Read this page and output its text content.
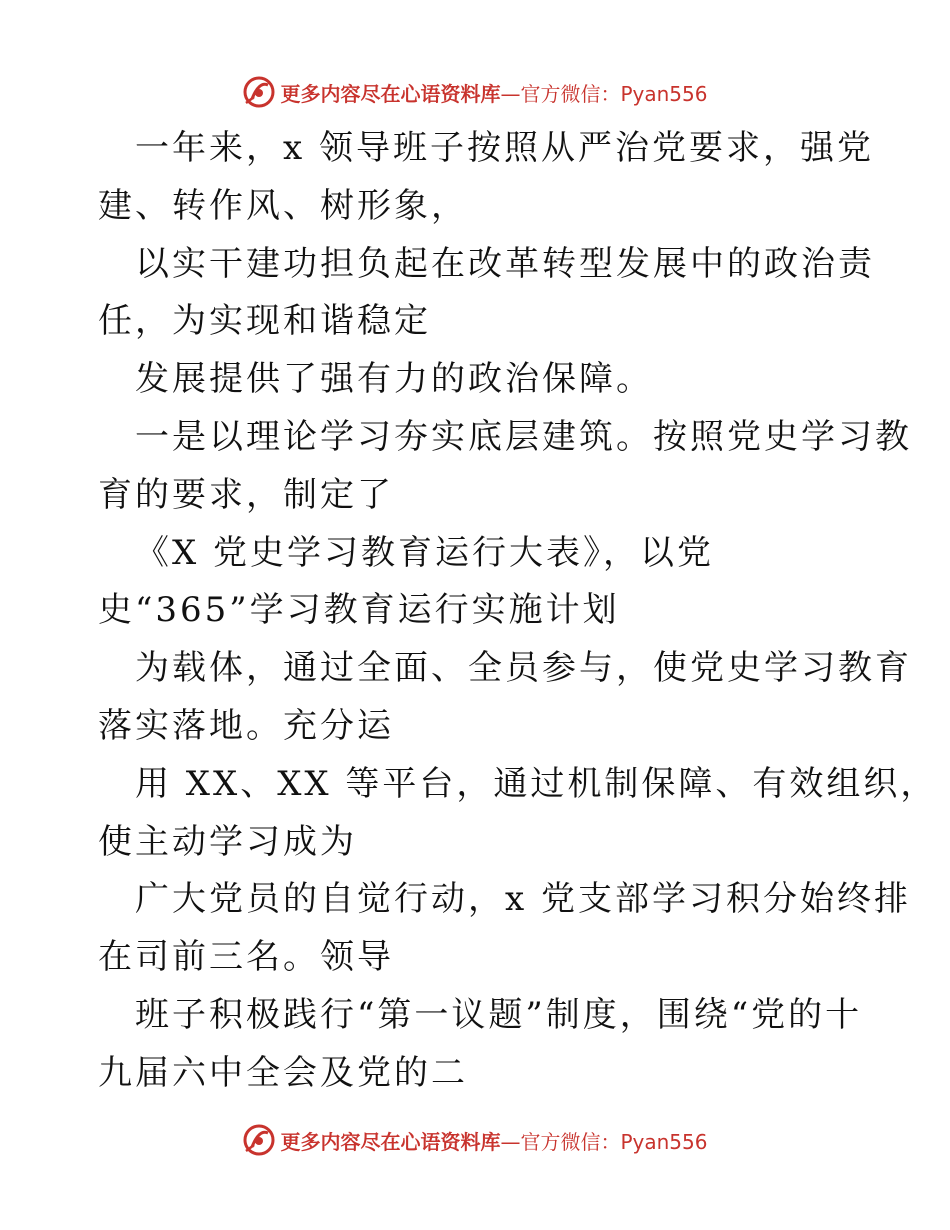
更多内容尽在心语资料库 —官方微信：Pyan556
一年来，x 领导班子按照从严治党要求，强党
建、转作风、树形象，
以实干建功担负起在改革转型发展中的政治责
任，为实现和谐稳定
发展提供了强有力的政治保障。
一是以理论学习夯实底层建筑。按照党史学习教
育的要求，制定了
《X 党史学习教育运行大表》，以党
史“365”学习教育运行实施计划
为载体，通过全面、全员参与，使党史学习教育
落实落地。充分运
用 XX、XX 等平台，通过机制保障、有效组织，
使主动学习成为
广大党员的自觉行动，x 党支部学习积分始终排
在司前三名。领导
班子积极践行“第一议题”制度，围绕“党的十
九届六中全会及党的二
更多内容尽在心语资料库 —官方微信：Pyan556
